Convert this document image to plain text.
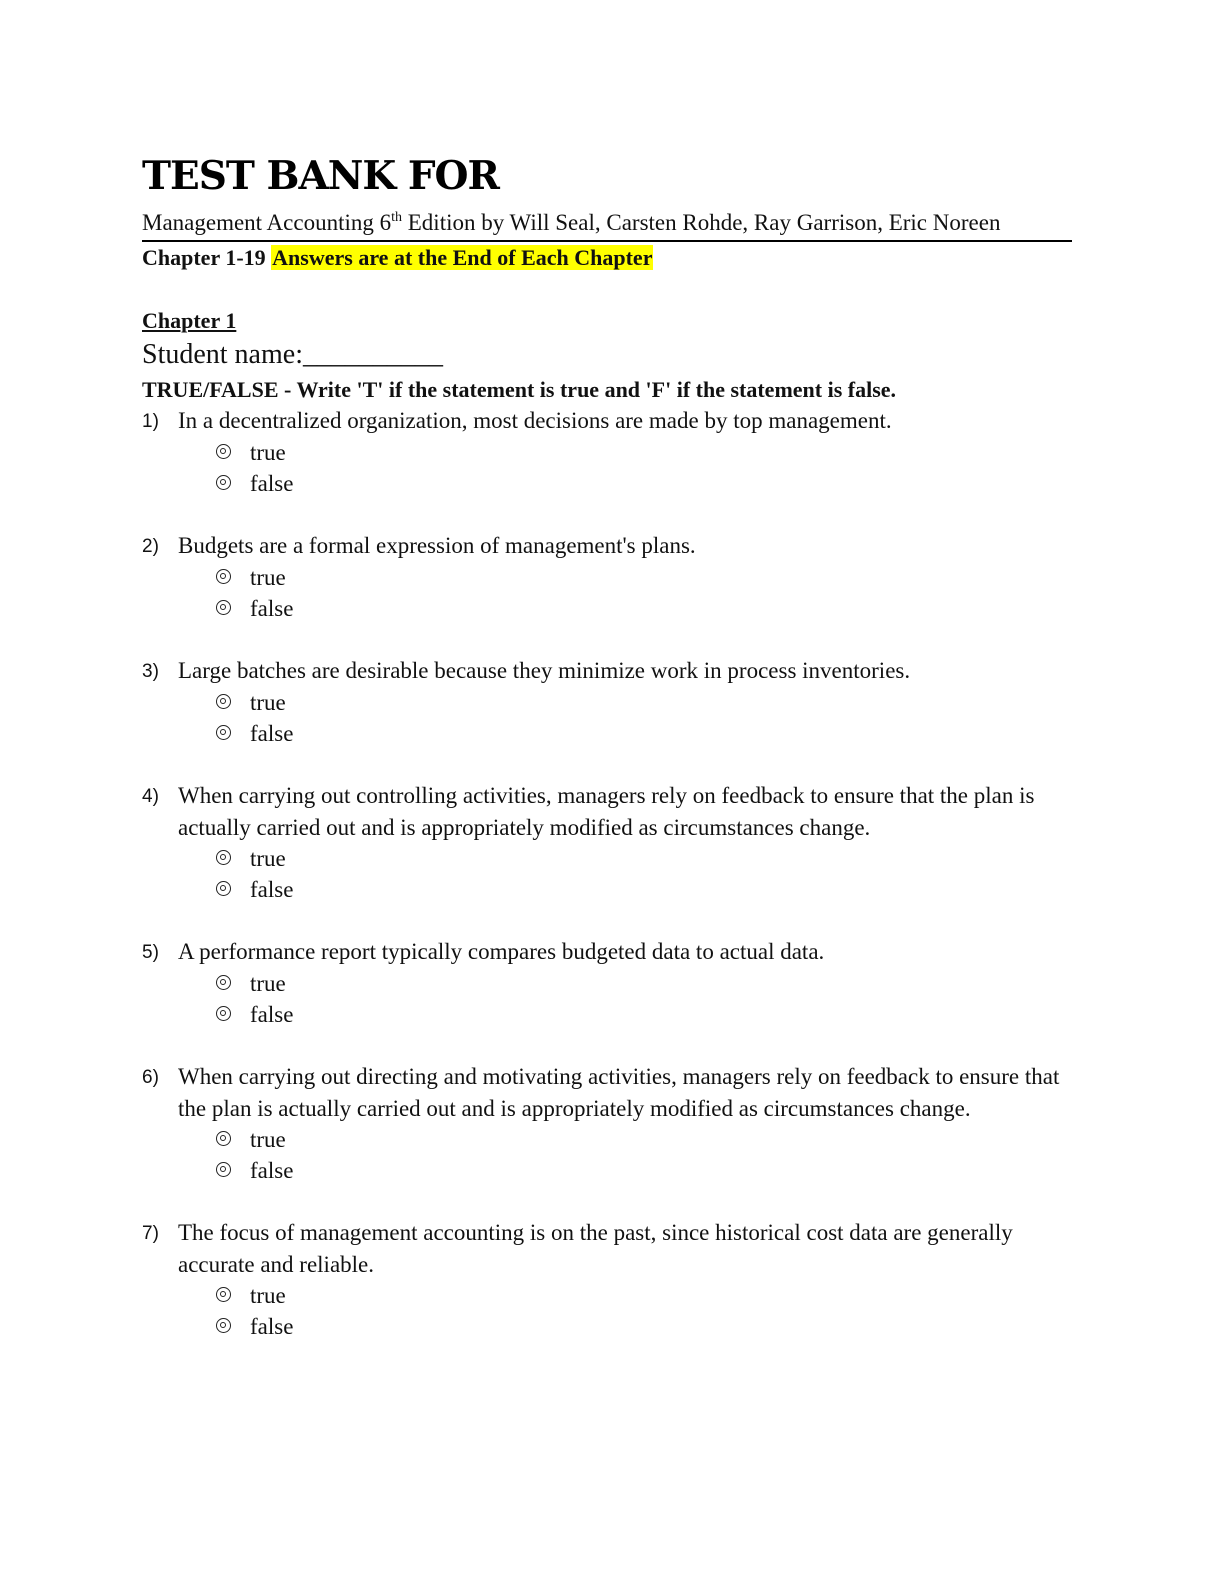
TEST BANK FOR
Management Accounting 6th Edition by Will Seal, Carsten Rohde, Ray Garrison, Eric Noreen
Chapter 1-19 Answers are at the End of Each Chapter
Chapter 1
Student name:__________
TRUE/FALSE - Write 'T' if the statement is true and 'F' if the statement is false.
1) In a decentralized organization, most decisions are made by top management.
true
false
2) Budgets are a formal expression of management's plans.
true
false
3) Large batches are desirable because they minimize work in process inventories.
true
false
4) When carrying out controlling activities, managers rely on feedback to ensure that the plan is actually carried out and is appropriately modified as circumstances change.
true
false
5) A performance report typically compares budgeted data to actual data.
true
false
6) When carrying out directing and motivating activities, managers rely on feedback to ensure that the plan is actually carried out and is appropriately modified as circumstances change.
true
false
7) The focus of management accounting is on the past, since historical cost data are generally accurate and reliable.
true
false
